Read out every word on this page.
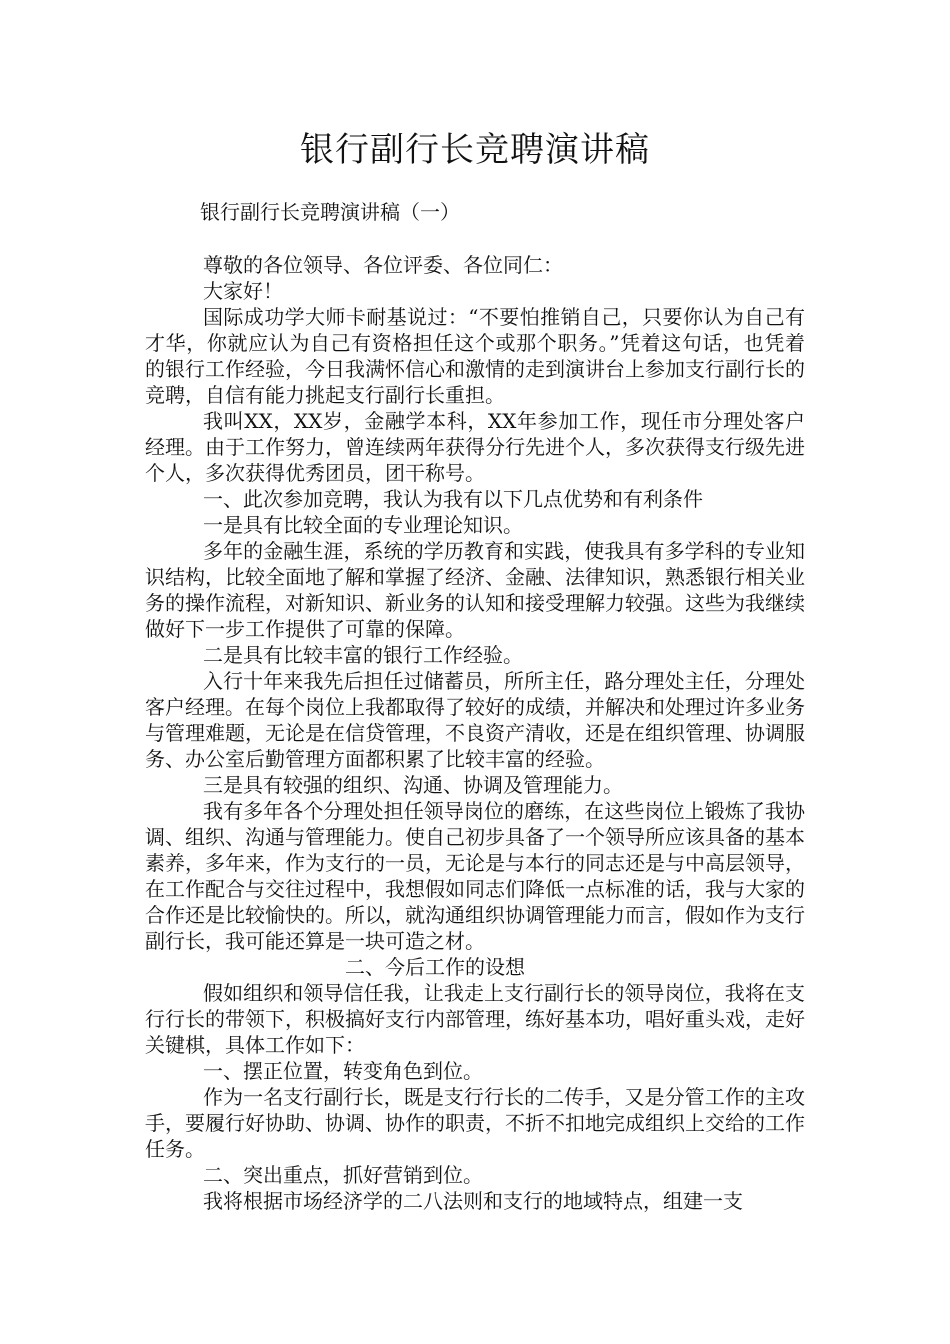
银行副行长竞聘演讲稿

银行副行长竞聘演讲稿（一）

尊敬的各位领导、各位评委、各位同仁：

大家好！

国际成功学大师卡耐基说过：“不要怕推销自己，只要你认为自己有才华，你就应认为自己有资格担任这个或那个职务。”凭着这句话，也凭着的银行工作经验，今日我满怀信心和激情的走到演讲台上参加支行副行长的竞聘，自信有能力挑起支行副行长重担。

我叫XX，XX岁，金融学本科，XX年参加工作，现任市分理处客户经理。由于工作努力，曾连续两年获得分行先进个人，多次获得支行级先进个人，多次获得优秀团员，团干称号。

一、此次参加竞聘，我认为我有以下几点优势和有利条件

一是具有比较全面的专业理论知识。

多年的金融生涯，系统的学历教育和实践，使我具有多学科的专业知识结构，比较全面地了解和掌握了经济、金融、法律知识，熟悉银行相关业务的操作流程，对新知识、新业务的认知和接受理解力较强。这些为我继续做好下一步工作提供了可靠的保障。

二是具有比较丰富的银行工作经验。

入行十年来我先后担任过储蓄员，所所主任，路分理处主任，分理处客户经理。在每个岗位上我都取得了较好的成绩，并解决和处理过许多业务与管理难题，无论是在信贷管理，不良资产清收，还是在组织管理、协调服务、办公室后勤管理方面都积累了比较丰富的经验。

三是具有较强的组织、沟通、协调及管理能力。

我有多年各个分理处担任领导岗位的磨练，在这些岗位上锻炼了我协调、组织、沟通与管理能力。使自己初步具备了一个领导所应该具备的基本素养，多年来，作为支行的一员，无论是与本行的同志还是与中高层领导，在工作配合与交往过程中，我想假如同志们降低一点标准的话，我与大家的合作还是比较愉快的。所以，就沟通组织协调管理能力而言，假如作为支行副行长，我可能还算是一块可造之材。

二、今后工作的设想

假如组织和领导信任我，让我走上支行副行长的领导岗位，我将在支行行长的带领下，积极搞好支行内部管理，练好基本功，唱好重头戏，走好关键棋，具体工作如下：

一、摆正位置，转变角色到位。

作为一名支行副行长，既是支行行长的二传手，又是分管工作的主攻手，要履行好协助、协调、协作的职责，不折不扣地完成组织上交给的工作任务。

二、突出重点，抓好营销到位。

我将根据市场经济学的二八法则和支行的地域特点，组建一支
